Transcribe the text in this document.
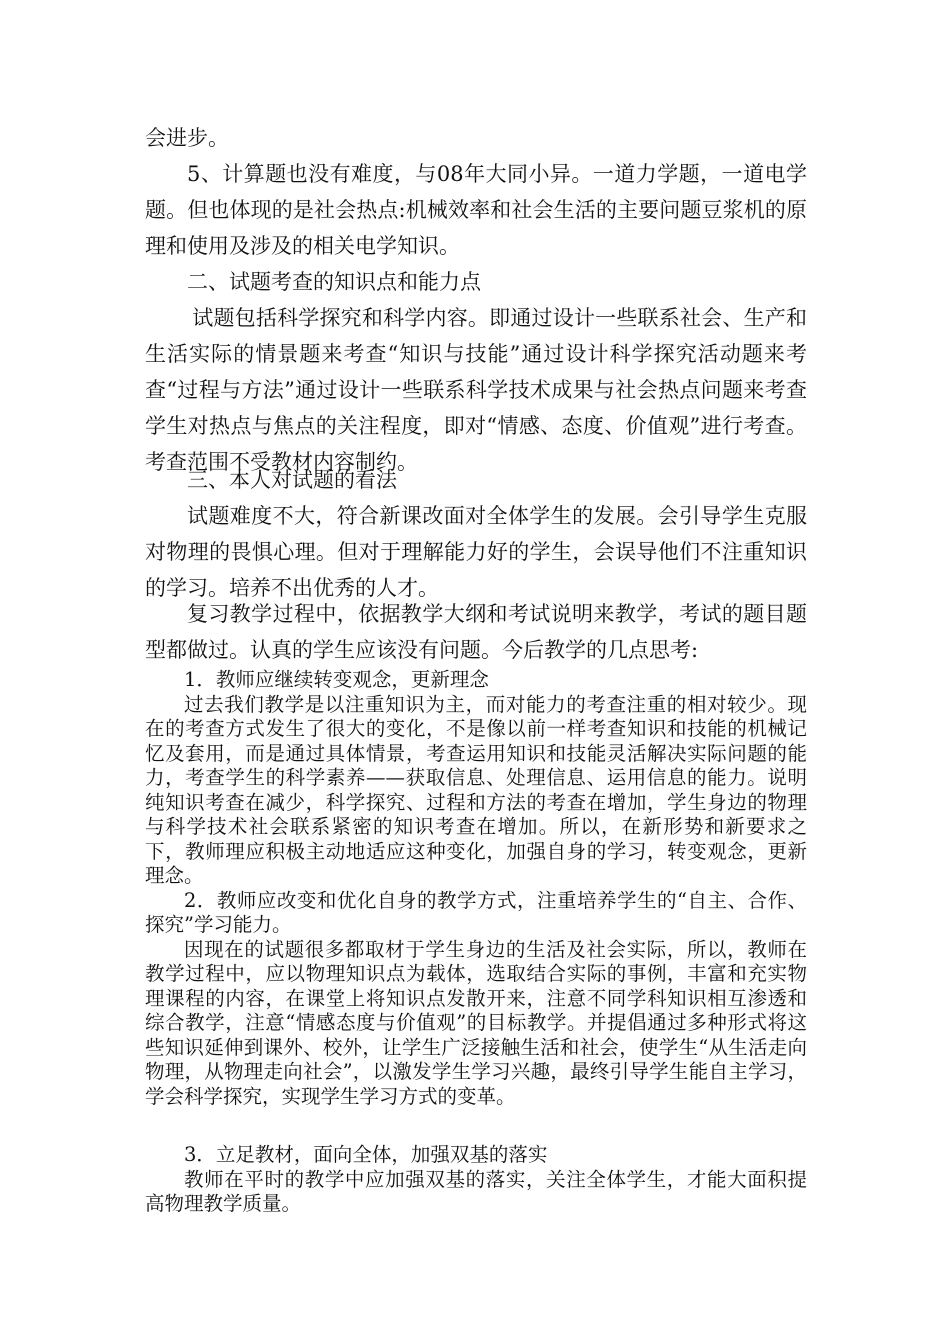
会进步。

5、计算题也没有难度，与08年大同小异。一道力学题，一道电学题。但也体现的是社会热点:机械效率和社会生活的主要问题豆浆机的原理和使用及涉及的相关电学知识。

二、试题考查的知识点和能力点

试题包括科学探究和科学内容。即通过设计一些联系社会、生产和生活实际的情景题来考查“知识与技能”通过设计科学探究活动题来考查“过程与方法”通过设计一些联系科学技术成果与社会热点问题来考查学生对热点与焦点的关注程度，即对“情感、态度、价值观”进行考查。考查范围不受教材内容制约。

三、本人对试题的看法

试题难度不大，符合新课改面对全体学生的发展。会引导学生克服对物理的畏惧心理。但对于理解能力好的学生，会误导他们不注重知识的学习。培养不出优秀的人才。

复习教学过程中，依据教学大纲和考试说明来教学，考试的题目题型都做过。认真的学生应该没有问题。今后教学的几点思考:

1．教师应继续转变观念，更新理念

过去我们教学是以注重知识为主，而对能力的考查注重的相对较少。现在的考查方式发生了很大的变化，不是像以前一样考查知识和技能的机械记忆及套用，而是通过具体情景，考查运用知识和技能灵活解决实际问题的能力，考查学生的科学素养——获取信息、处理信息、运用信息的能力。说明纯知识考查在减少，科学探究、过程和方法的考查在增加，学生身边的物理与科学技术社会联系紧密的知识考查在增加。所以，在新形势和新要求之下，教师理应积极主动地适应这种变化，加强自身的学习，转变观念，更新理念。

2．教师应改变和优化自身的教学方式，注重培养学生的“自主、合作、探究”学习能力。

因现在的试题很多都取材于学生身边的生活及社会实际，所以，教师在教学过程中，应以物理知识点为载体，选取结合实际的事例，丰富和充实物理课程的内容，在课堂上将知识点发散开来，注意不同学科知识相互渗透和综合教学，注意“情感态度与价值观”的目标教学。并提倡通过多种形式将这些知识延伸到课外、校外，让学生广泛接触生活和社会，使学生“从生活走向物理，从物理走向社会”，以激发学生学习兴趣，最终引导学生能自主学习，学会科学探究，实现学生学习方式的变革。

3．立足教材，面向全体，加强双基的落实

教师在平时的教学中应加强双基的落实，关注全体学生，才能大面积提高物理教学质量。
